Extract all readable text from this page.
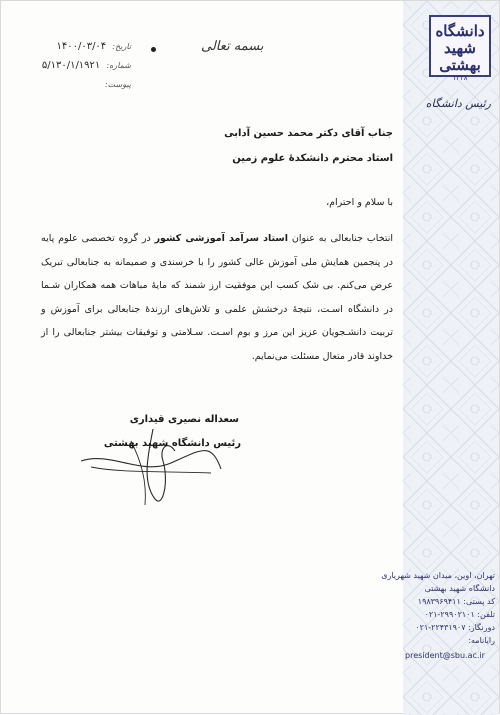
دانشگاه
شهید
بهشتی
۱۳۳۸
رئیس دانشگاه
تهران، اوین، میدان شهید شهریاری
دانشگاه شهید بهشتی
کد پستی: ۱۹۸۳۹۶۹۴۱۱
تلفن: ۲۹۹۰۲۱۰۱-۰۲۱
دورنگار: ۲۲۴۳۱۹۰۷-۰۲۱
رایانامه:
president@sbu.ac.ir
تاریخ: ۱۴۰۰/۰۳/۰۴
شماره: ۵/۱۳۰/۱/۱۹۲۱
پیوست:
بسمه تعالی
جناب آقای دکتر محمد حسین آدابی
استاد محترم دانشکدهٔ علوم زمین
با سلام و احترام،
انتخاب جنابعالی به عنوان استاد سرآمد آموزشی کشور در گروه تخصصی علوم پایه در پنجمین همایش ملی آموزش عالی کشور را با خرسندی و صمیمانه به جنابعالی تبریک عرض می‌کنم. بی شک کسب این موفقیت ارز شمند که مایهٔ مباهات همه همکاران شـما در دانشگاه اسـت، نتیجهٔ درخشش علمی و تلاش‌های ارزندهٔ جنابعالی برای آموزش و تربیت دانشـجویان عزیز این مرز و بوم اسـت. سـلامتی و توفیقات بیشتر جنابعالی را از خداوند قادر متعال مسئلت می‌نمایم.
سعداله نصیری قیداری
رئیس دانشگاه شهید بهشتی
